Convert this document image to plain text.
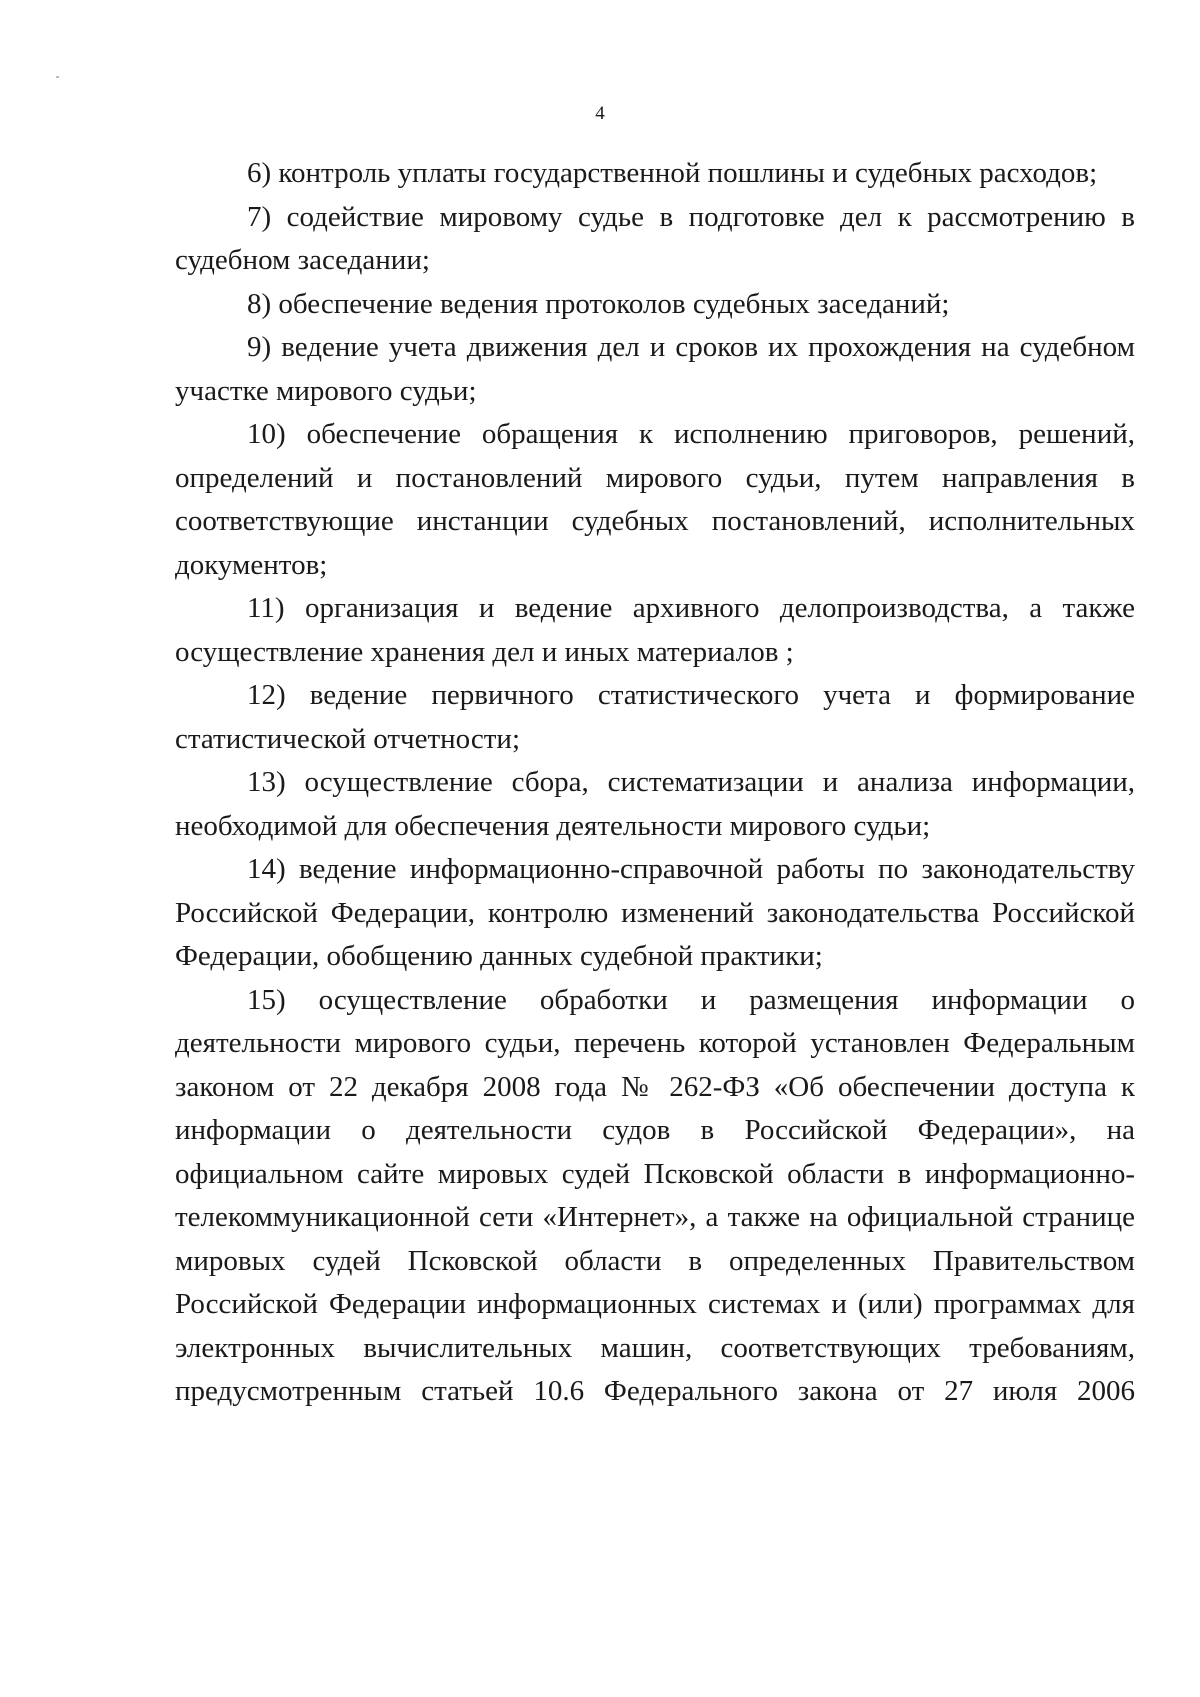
4

6) контроль уплаты государственной пошлины и судебных расходов;

7) содействие мировому судье в подготовке дел к рассмотрению в судебном заседании;

8) обеспечение ведения протоколов судебных заседаний;

9) ведение учета движения дел и сроков их прохождения на судебном участке мирового судьи;

10) обеспечение обращения к исполнению приговоров, решений, определений и постановлений мирового судьи, путем направления в соответствующие инстанции судебных постановлений, исполнительных документов;

11) организация и ведение архивного делопроизводства, а также осуществление хранения дел и иных материалов ;

12) ведение первичного статистического учета и формирование статистической отчетности;

13) осуществление сбора, систематизации и анализа информации, необходимой для обеспечения деятельности мирового судьи;

14) ведение информационно-справочной работы по законодательству Российской Федерации, контролю изменений законодательства Российской Федерации, обобщению данных судебной практики;

15) осуществление обработки и размещения информации о деятельности мирового судьи, перечень которой установлен Федеральным законом от 22 декабря 2008 года № 262-ФЗ «Об обеспечении доступа к информации о деятельности судов в Российской Федерации», на официальном сайте мировых судей Псковской области в информационно-телекоммуникационной сети «Интернет», а также на официальной странице мировых судей Псковской области в определенных Правительством Российской Федерации информационных системах и (или) программах для электронных вычислительных машин, соответствующих требованиям, предусмотренным статьей 10.6 Федерального закона от 27 июля 2006
